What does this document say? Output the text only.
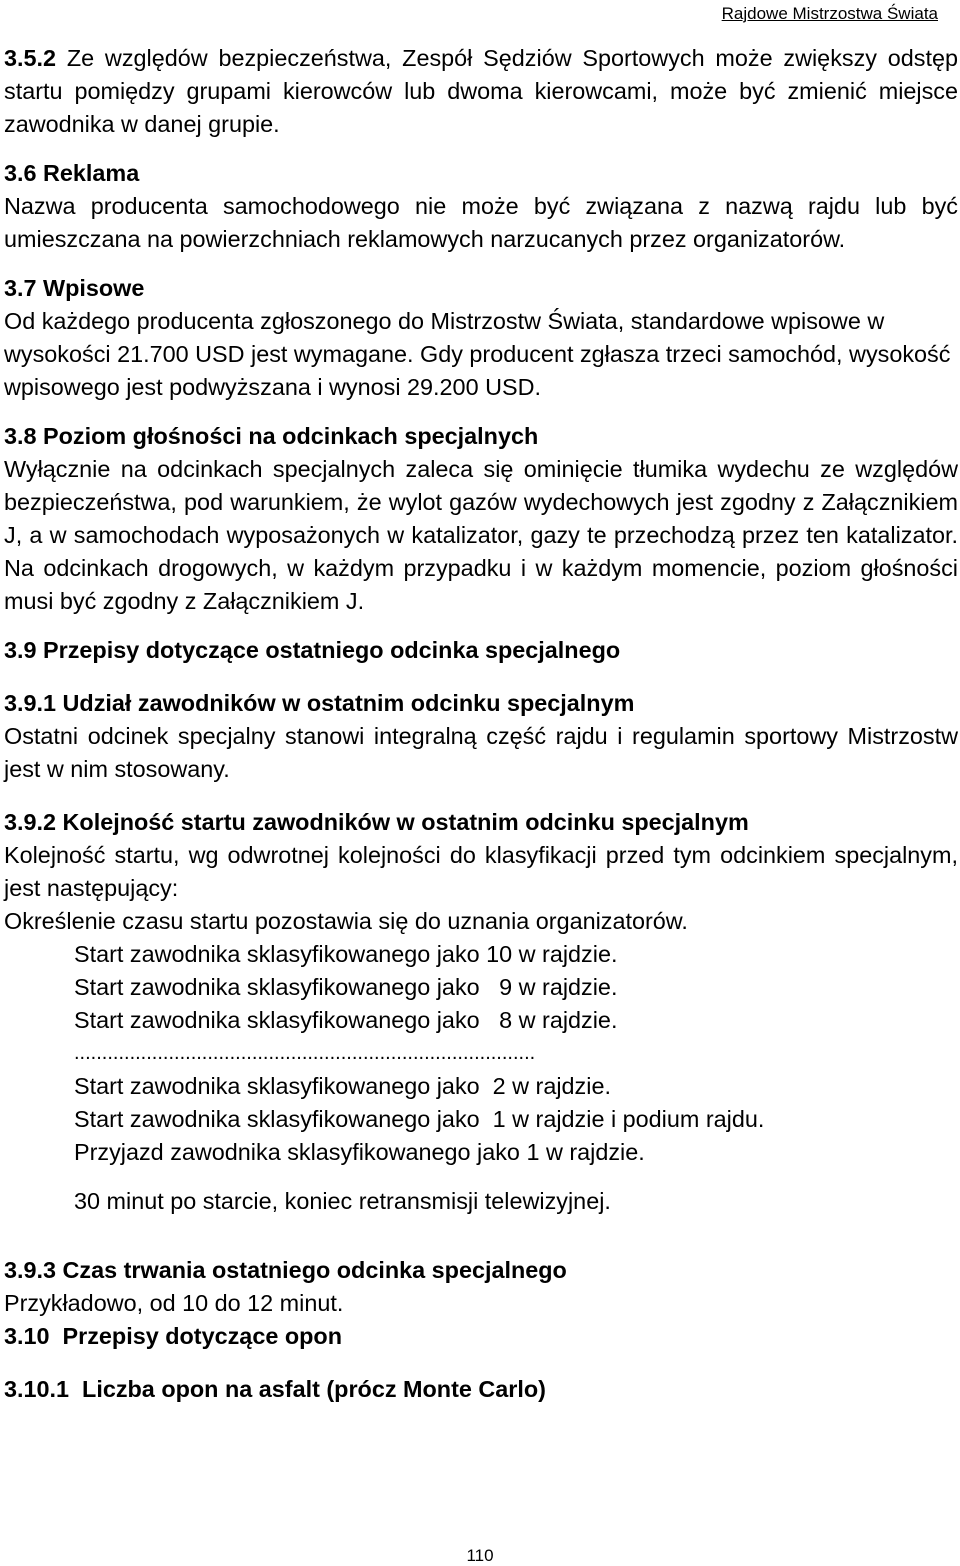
Rajdowe Mistrzostwa Świata

3.5.2 Ze względów bezpieczeństwa, Zespół Sędziów Sportowych może zwiększy odstęp startu pomiędzy grupami kierowców lub dwoma kierowcami, może być zmienić miejsce zawodnika w danej grupie.

3.6 Reklama

Nazwa producenta samochodowego nie może być związana z nazwą rajdu lub być umieszczana na powierzchniach reklamowych narzucanych przez organizatorów.

3.7 Wpisowe

Od każdego producenta zgłoszonego do Mistrzostw Świata, standardowe wpisowe w wysokości 21.700 USD jest wymagane. Gdy producent zgłasza trzeci samochód, wysokość wpisowego jest podwyższana i wynosi 29.200 USD.

3.8 Poziom głośności na odcinkach specjalnych

Wyłącznie na odcinkach specjalnych zaleca się ominięcie tłumika wydechu ze względów bezpieczeństwa, pod warunkiem, że wylot gazów wydechowych jest zgodny z Załącznikiem J, a w samochodach wyposażonych w katalizator, gazy te przechodzą przez ten katalizator. Na odcinkach drogowych, w każdym przypadku i w każdym momencie, poziom głośności musi być zgodny z Załącznikiem J.

3.9 Przepisy dotyczące ostatniego odcinka specjalnego

3.9.1 Udział zawodników w ostatnim odcinku specjalnym

Ostatni odcinek specjalny stanowi integralną część rajdu i regulamin sportowy Mistrzostw jest w nim stosowany.

3.9.2 Kolejność startu zawodników w ostatnim odcinku specjalnym

Kolejność startu, wg odwrotnej kolejności do klasyfikacji przed tym odcinkiem specjalnym, jest następujący:

Określenie czasu startu pozostawia się do uznania organizatorów.

Start zawodnika sklasyfikowanego jako 10 w rajdzie.

Start zawodnika sklasyfikowanego jako   9 w rajdzie.

Start zawodnika sklasyfikowanego jako   8 w rajdzie.

...................................................................................

Start zawodnika sklasyfikowanego jako  2 w rajdzie.

Start zawodnika sklasyfikowanego jako  1 w rajdzie i podium rajdu.

Przyjazd zawodnika sklasyfikowanego jako 1 w rajdzie.

30 minut po starcie, koniec retransmisji telewizyjnej.

3.9.3 Czas trwania ostatniego odcinka specjalnego

Przykładowo, od 10 do 12 minut.

3.10  Przepisy dotyczące opon

3.10.1  Liczba opon na asfalt (prócz Monte Carlo)

110
